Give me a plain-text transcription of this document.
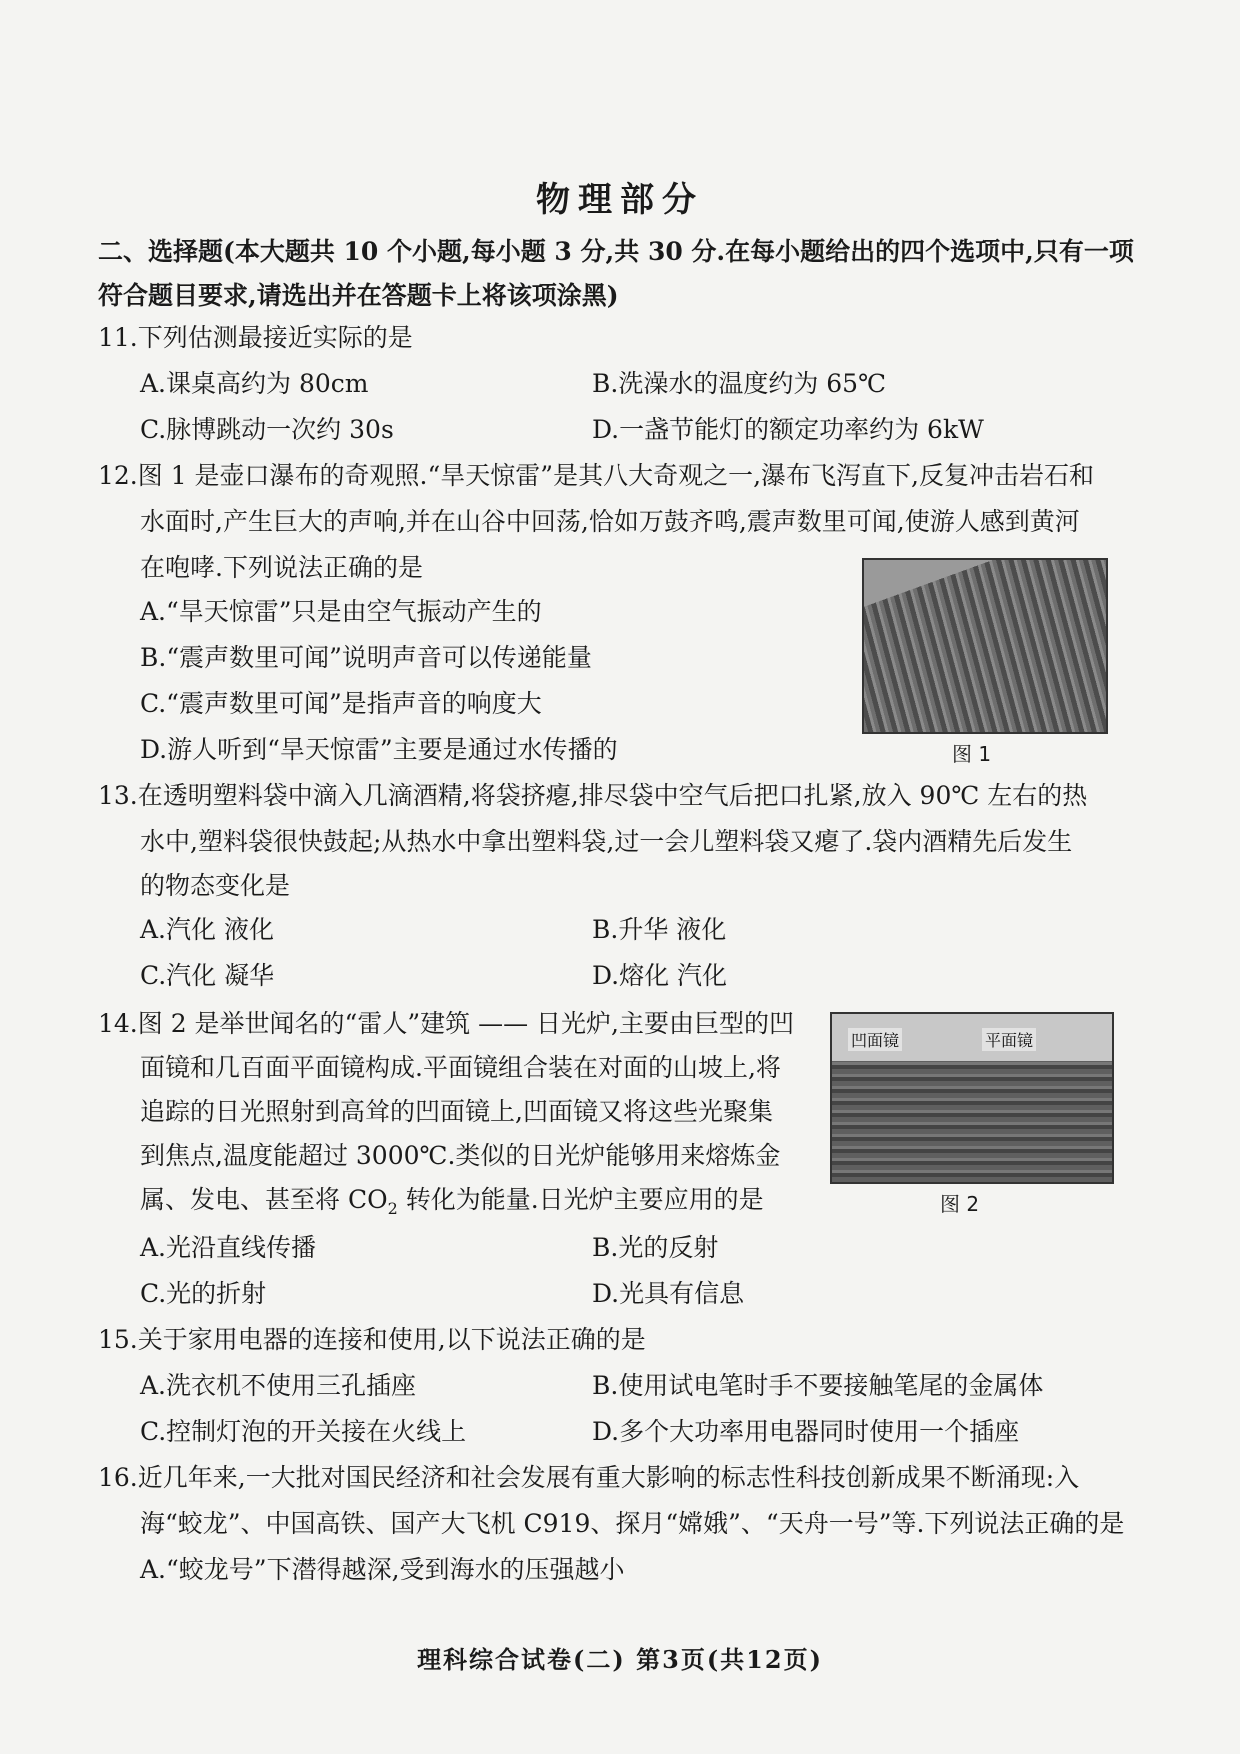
物理部分
二、选择题(本大题共 10 个小题,每小题 3 分,共 30 分.在每小题给出的四个选项中,只有一项
符合题目要求,请选出并在答题卡上将该项涂黑)
11.下列估测最接近实际的是
A.课桌高约为 80cm	B.洗澡水的温度约为 65℃
C.脉博跳动一次约 30s	D.一盏节能灯的额定功率约为 6kW
12.图 1 是壶口瀑布的奇观照.“旱天惊雷”是其八大奇观之一,瀑布飞泻直下,反复冲击岩石和
水面时,产生巨大的声响,并在山谷中回荡,恰如万鼓齐鸣,震声数里可闻,使游人感到黄河
在咆哮.下列说法正确的是
A.“旱天惊雷”只是由空气振动产生的
B.“震声数里可闻”说明声音可以传递能量
C.“震声数里可闻”是指声音的响度大
D.游人听到“旱天惊雷”主要是通过水传播的	图 1
13.在透明塑料袋中滴入几滴酒精,将袋挤瘪,排尽袋中空气后把口扎紧,放入 90℃ 左右的热
水中,塑料袋很快鼓起;从热水中拿出塑料袋,过一会儿塑料袋又瘪了.袋内酒精先后发生
的物态变化是
A.汽化 液化	B.升华 液化
C.汽化 凝华	D.熔化 汽化
14.图 2 是举世闻名的“雷人”建筑 —— 日光炉,主要由巨型的凹
面镜和几百面平面镜构成.平面镜组合装在对面的山坡上,将
追踪的日光照射到高耸的凹面镜上,凹面镜又将这些光聚集
到焦点,温度能超过 3000℃.类似的日光炉能够用来熔炼金
属、发电、甚至将 $CO_2$ 转化为能量.日光炉主要应用的是
凹面镜	平面镜
图 2
A.光沿直线传播	B.光的反射
C.光的折射	D.光具有信息
15.关于家用电器的连接和使用,以下说法正确的是
A.洗衣机不使用三孔插座	B.使用试电笔时手不要接触笔尾的金属体
C.控制灯泡的开关接在火线上	D.多个大功率用电器同时使用一个插座
16.近几年来,一大批对国民经济和社会发展有重大影响的标志性科技创新成果不断涌现:入
海“蛟龙”、中国高铁、国产大飞机 C919、探月“嫦娥”、“天舟一号”等.下列说法正确的是
A.“蛟龙号”下潜得越深,受到海水的压强越小
理科综合试卷(二) 第3页(共12页)
